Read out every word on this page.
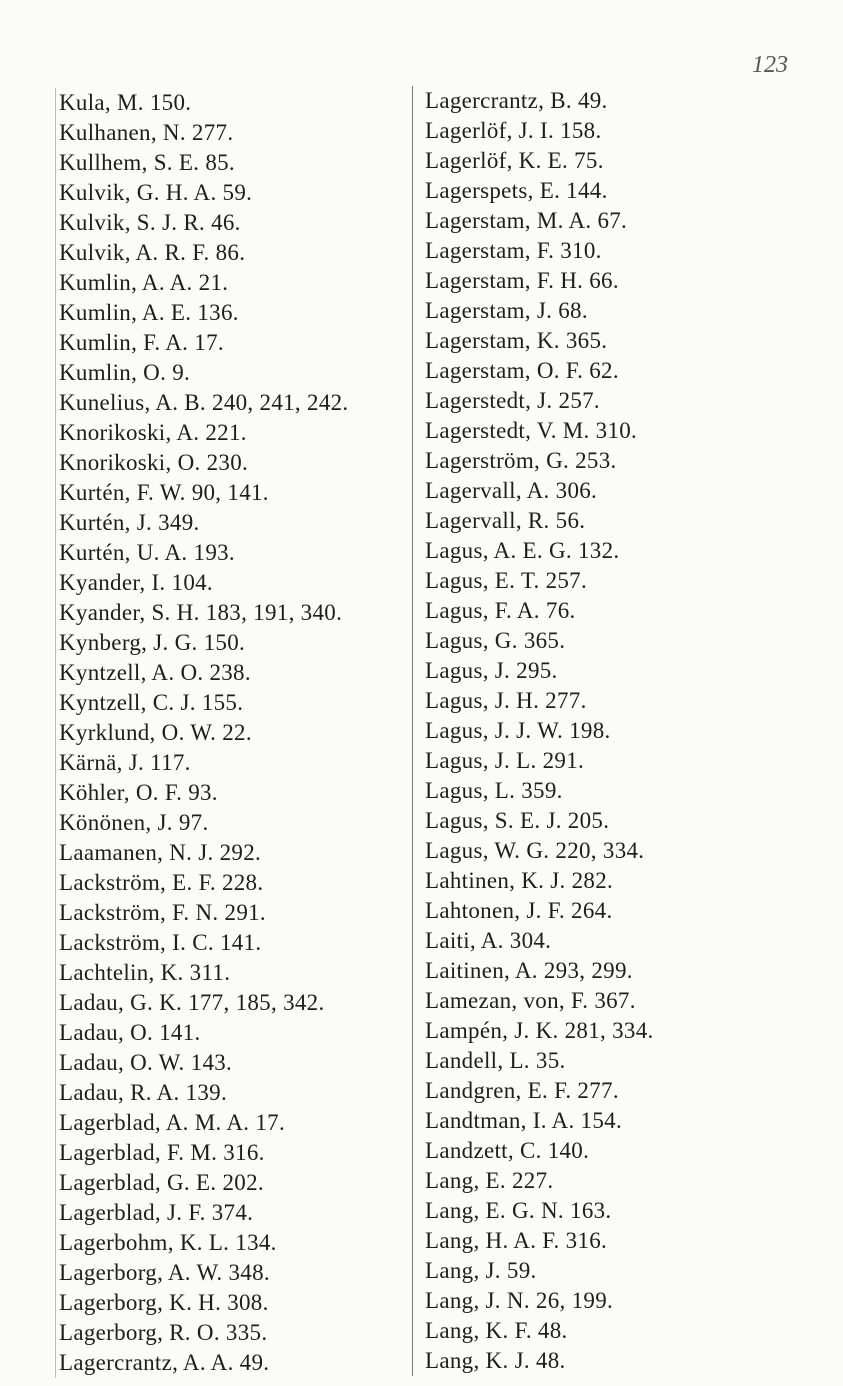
123
Kula, M. 150.
Kulhanen, N. 277.
Kullhem, S. E. 85.
Kulvik, G. H. A. 59.
Kulvik, S. J. R. 46.
Kulvik, A. R. F. 86.
Kumlin, A. A. 21.
Kumlin, A. E. 136.
Kumlin, F. A. 17.
Kumlin, O. 9.
Kunelius, A. B. 240, 241, 242.
Knorikoski, A. 221.
Knorikoski, O. 230.
Kurtén, F. W. 90, 141.
Kurtén, J. 349.
Kurtén, U. A. 193.
Kyander, I. 104.
Kyander, S. H. 183, 191, 340.
Kynberg, J. G. 150.
Kyntzell, A. O. 238.
Kyntzell, C. J. 155.
Kyrklund, O. W. 22.
Kärnä, J. 117.
Köhler, O. F. 93.
Könönen, J. 97.
Laamanen, N. J. 292.
Lackström, E. F. 228.
Lackström, F. N. 291.
Lackström, I. C. 141.
Lachtelin, K. 311.
Ladau, G. K. 177, 185, 342.
Ladau, O. 141.
Ladau, O. W. 143.
Ladau, R. A. 139.
Lagerblad, A. M. A. 17.
Lagerblad, F. M. 316.
Lagerblad, G. E. 202.
Lagerblad, J. F. 374.
Lagerbohm, K. L. 134.
Lagerborg, A. W. 348.
Lagerborg, K. H. 308.
Lagerborg, R. O. 335.
Lagercrantz, A. A. 49.
Lagercrantz, B. 49.
Lagerlöf, J. I. 158.
Lagerlöf, K. E. 75.
Lagerspets, E. 144.
Lagerstam, M. A. 67.
Lagerstam, F. 310.
Lagerstam, F. H. 66.
Lagerstam, J. 68.
Lagerstam, K. 365.
Lagerstam, O. F. 62.
Lagerstedt, J. 257.
Lagerstedt, V. M. 310.
Lagerström, G. 253.
Lagervall, A. 306.
Lagervall, R. 56.
Lagus, A. E. G. 132.
Lagus, E. T. 257.
Lagus, F. A. 76.
Lagus, G. 365.
Lagus, J. 295.
Lagus, J. H. 277.
Lagus, J. J. W. 198.
Lagus, J. L. 291.
Lagus, L. 359.
Lagus, S. E. J. 205.
Lagus, W. G. 220, 334.
Lahtinen, K. J. 282.
Lahtonen, J. F. 264.
Laiti, A. 304.
Laitinen, A. 293, 299.
Lamezan, von, F. 367.
Lampén, J. K. 281, 334.
Landell, L. 35.
Landgren, E. F. 277.
Landtman, I. A. 154.
Landzett, C. 140.
Lang, E. 227.
Lang, E. G. N. 163.
Lang, H. A. F. 316.
Lang, J. 59.
Lang, J. N. 26, 199.
Lang, K. F. 48.
Lang, K. J. 48.
